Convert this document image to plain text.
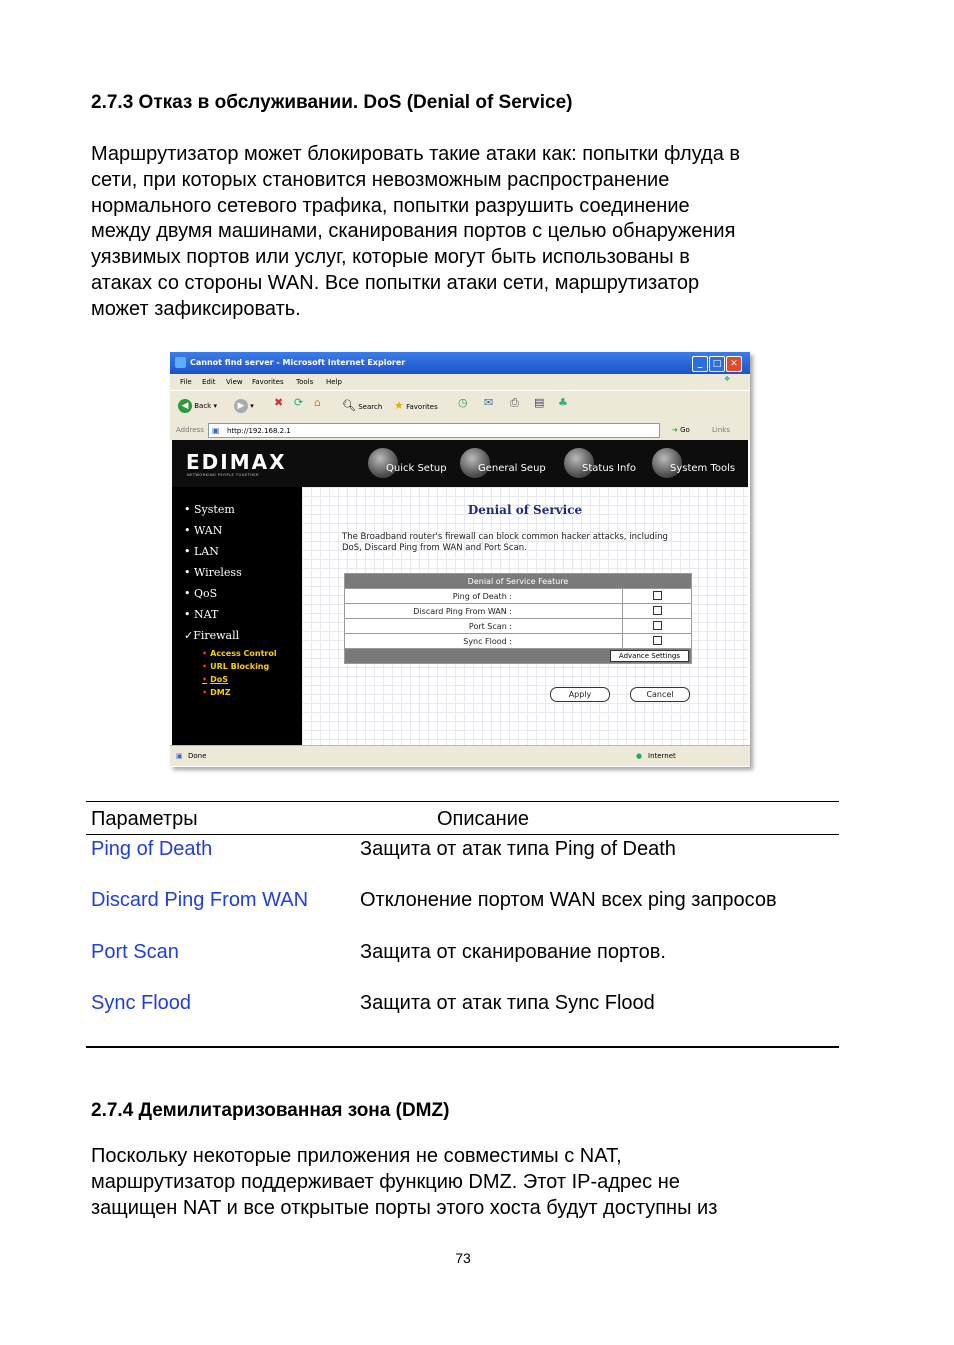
2.7.3 Отказ в обслуживании. DoS (Denial of Service)
Маршрутизатор может блокировать такие атаки как: попытки флуда в
сети, при которых становится невозможным распространение
нормального сетевого трафика, попытки разрушить соединение
между двумя машинами, сканирования портов с целью обнаружения
уязвимых портов или услуг, которые могут быть использованы в
атаках со стороны WAN. Все попытки атаки сети, маршрутизатор
может зафиксировать.
Cannot find server - Microsoft Internet Explorer	_	□ ✕
File Edit View Favorites Tools Help	❖
◀ Back ▾	▶ ▾ ✖ ⟳ ⌂ 🔍︎ Search ★ Favorites ◷ ✉ ⎙ ▤ ♣
Address ▣ http://192.168.2.1	➔ Go	Links
EDIMAX
NETWORKING PEOPLE TOGETHER
Quick Setup	General Seup	Status Info	System Tools
• System
• WAN
• LAN
• Wireless
• QoS
• NAT
✓Firewall
• Access Control
• URL Blocking
• DoS
• DMZ
Denial of Service
The Broadband router's firewall can block common hacker attacks, including DoS, Discard Ping from WAN and Port Scan.
Denial of Service Feature	
Ping of Death :	
Discard Ping From WAN :	
Port Scan :	
Sync Flood :	

Advance Settings	
Apply	Cancel
▣ Done	● Internet
Параметры	Описание
Ping of Death	Защита от атак типа Ping of Death
Discard Ping From WAN	Отклонение портом WAN всех ping запросов
Port Scan	Защита от сканирование портов.
Sync Flood	Защита от атак типа Sync Flood
2.7.4 Демилитаризованная зона (DMZ)
Поскольку некоторые приложения не совместимы с NAT,
маршрутизатор поддерживает функцию DMZ. Этот IP-адрес не
защищен NAT и все открытые порты этого хоста будут доступны из
73
